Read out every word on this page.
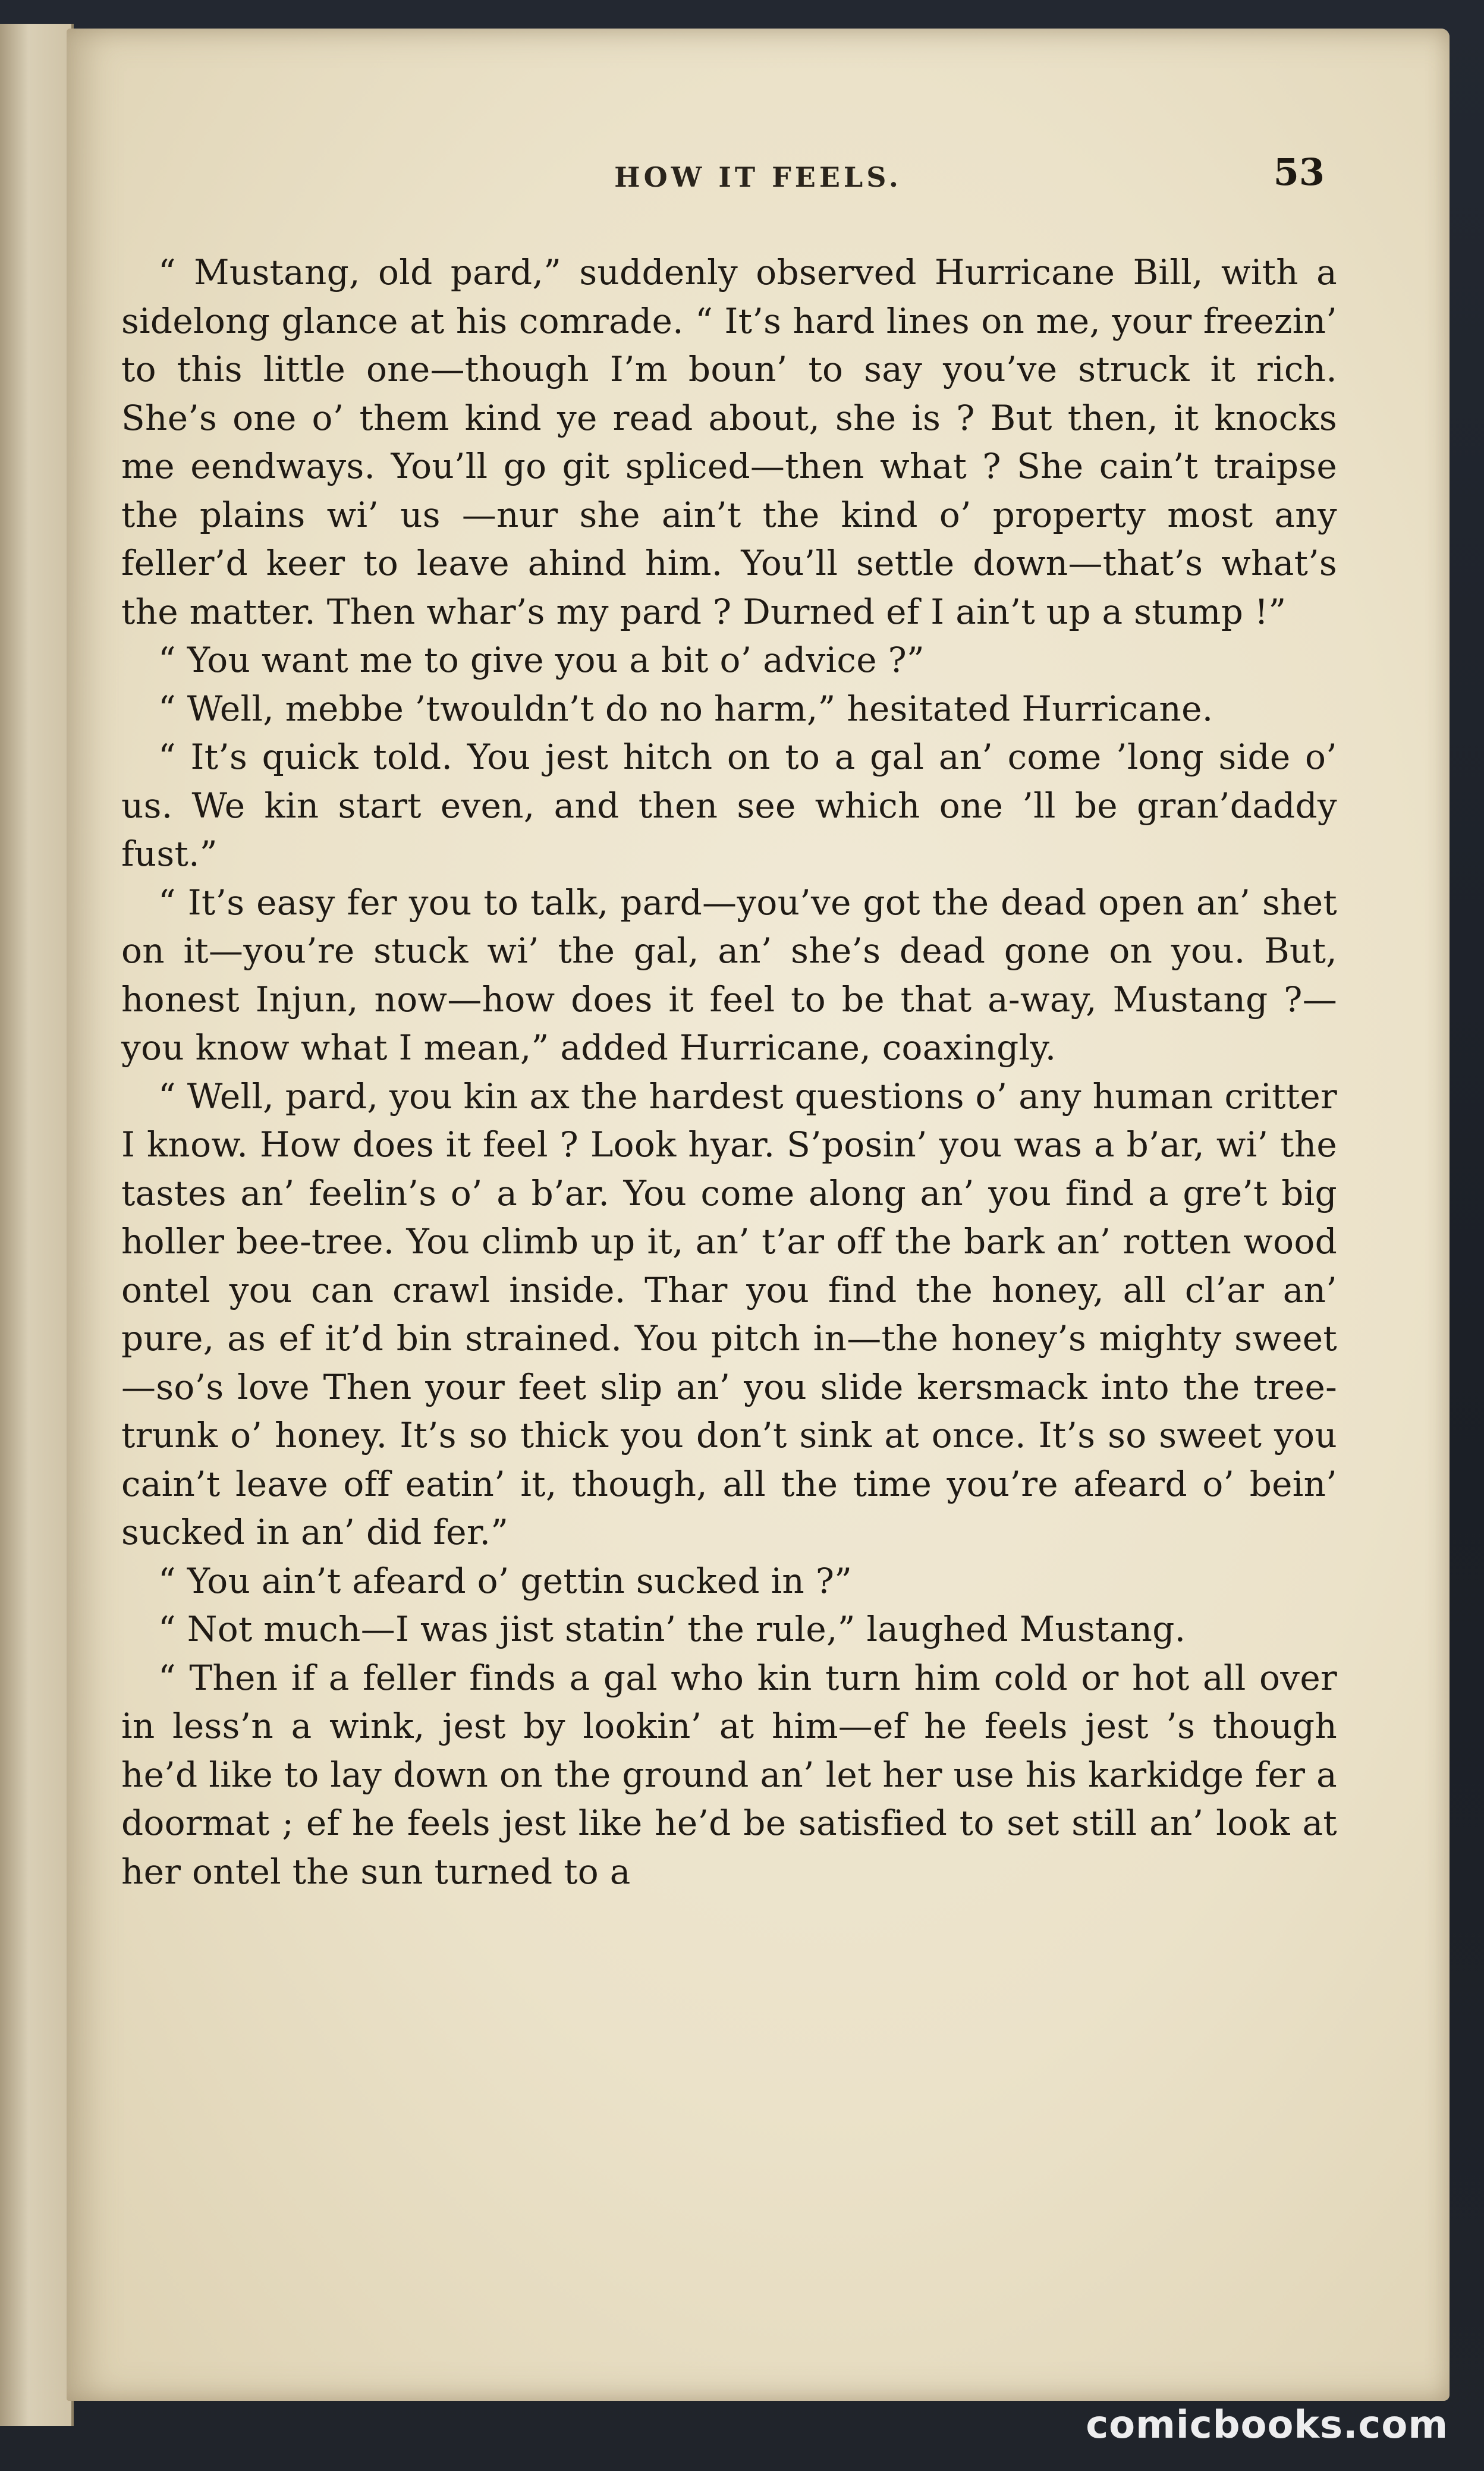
HOW IT FEELS.	53

“ Mustang, old pard,” suddenly observed Hurricane Bill, with a sidelong glance at his comrade. “ It’s hard lines on me, your freezin’ to this little one—though I’m boun’ to say you’ve struck it rich. She’s one o’ them kind ye read about, she is ? But then, it knocks me eendways. You’ll go git spliced—then what ? She cain’t traipse the plains wi’ us —nur she ain’t the kind o’ property most any feller’d keer to leave ahind him. You’ll settle down—that’s what’s the matter. Then whar’s my pard ? Durned ef I ain’t up a stump !”

“ You want me to give you a bit o’ advice ?”

“ Well, mebbe ’twouldn’t do no harm,” hesitated Hurricane.

“ It’s quick told. You jest hitch on to a gal an’ come ’long side o’ us. We kin start even, and then see which one ’ll be gran’daddy fust.”

“ It’s easy fer you to talk, pard—you’ve got the dead open an’ shet on it—you’re stuck wi’ the gal, an’ she’s dead gone on you. But, honest Injun, now—how does it feel to be that a-way, Mustang ?—you know what I mean,” added Hurricane, coaxingly.

“ Well, pard, you kin ax the hardest questions o’ any human critter I know. How does it feel ? Look hyar. S’posin’ you was a b’ar, wi’ the tastes an’ feelin’s o’ a b’ar. You come along an’ you find a gre’t big holler bee-tree. You climb up it, an’ t’ar off the bark an’ rotten wood ontel you can crawl inside. Thar you find the honey, all cl’ar an’ pure, as ef it’d bin strained. You pitch in—the honey’s mighty sweet—so’s love Then your feet slip an’ you slide kersmack into the tree-trunk o’ honey. It’s so thick you don’t sink at once. It’s so sweet you cain’t leave off eatin’ it, though, all the time you’re afeard o’ bein’ sucked in an’ did fer.”

“ You ain’t afeard o’ gettin sucked in ?”

“ Not much—I was jist statin’ the rule,” laughed Mustang.

“ Then if a feller finds a gal who kin turn him cold or hot all over in less’n a wink, jest by lookin’ at him—ef he feels jest ’s though he’d like to lay down on the ground an’ let her use his karkidge fer a doormat ; ef he feels jest like he’d be satisfied to set still an’ look at her ontel the sun turned to a

comicbooks.com
